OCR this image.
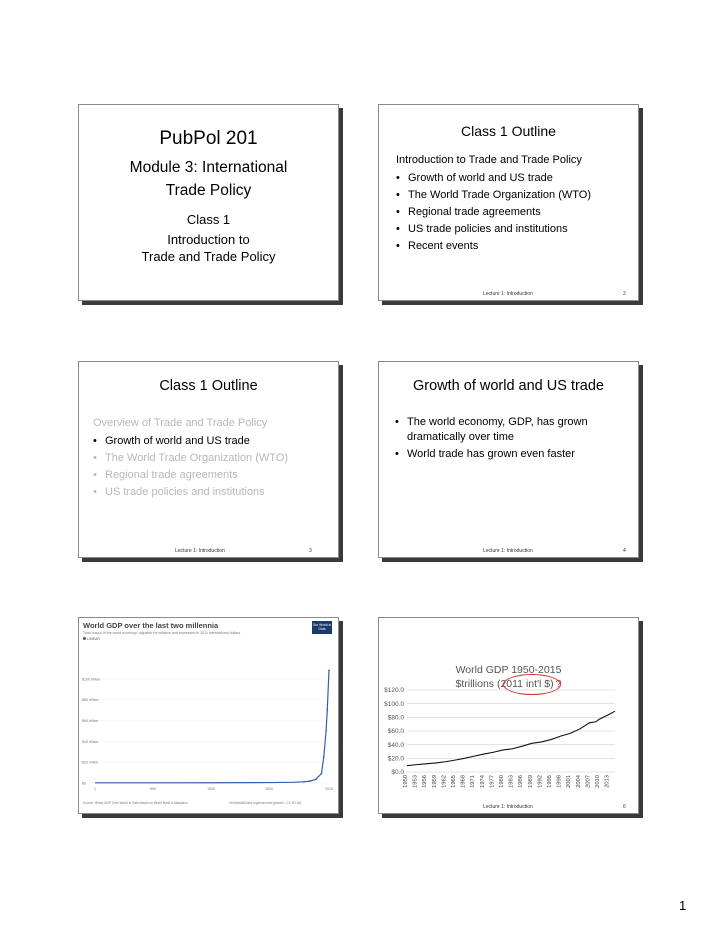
PubPol 201
Module 3: International
Trade Policy
Class 1
Introduction to
Trade and Trade Policy
Class 1 Outline
Introduction to Trade and Trade Policy
• Growth of world and US trade
• The World Trade Organization (WTO)
• Regional trade agreements
• US trade policies and institutions
• Recent events
Lecture 1: Introduction	2
Class 1 Outline
Overview of Trade and Trade Policy
• Growth of world and US trade
• The World Trade Organization (WTO)
• Regional trade agreements
• US trade policies and institutions
Lecture 1: Introduction	3
Growth of world and US trade
• The world economy, GDP, has grown dramatically over time
• World trade has grown even faster
Lecture 1: Introduction	4
World GDP over the last two millennia
Total output of the world economy; adjusted for inflation and expressed in 2011 international dollars.
LINEAR
Our World in Data
$0
$20 trillion
$40 trillion
$60 trillion
$80 trillion
$100 trillion
1	500	1000	1500	2015
Source: World GDP Over World in Data based on World Bank & Maddison	OurWorldInData.org/economic-growth/ • CC BY-SA
World GDP 1950-2015
$trillions (2011 int'l $) ?
$0.0
$20.0
$40.0
$60.0
$80.0
$100.0
$120.0
1950 1953 1956 1959 1962 1965 1968 1971 1974 1977 1980 1983 1986 1989 1992 1995 1998 2001 2004 2007 2010 2013
Lecture 1: Introduction	6
1
